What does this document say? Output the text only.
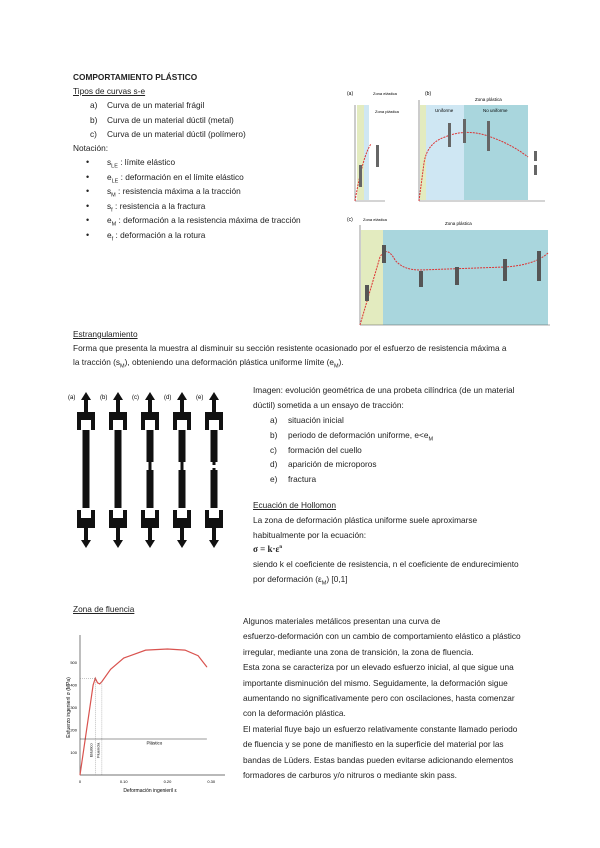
COMPORTAMIENTO PLÁSTICO
Tipos de curvas s-e
Notación:
(a)	Zona elástica
Zona plástica
(b)
Zona plástica
Uniforme	No uniforme
(c)	Zona elástica
Zona plástica
Estrangulamiento
Forma que presenta la muestra al disminuir su sección resistente ocasionado por el esfuerzo de resistencia máxima a
la tracción $(s_M)$, obteniendo una deformación plástica uniforme límite $(e_M)$.
(a)	(b)	(c)	(d)	(e)
Imagen: evolución geométrica de una probeta cilíndrica (de un material
dúctil) sometida a un ensayo de tracción:
Ecuación de Hollomon
La zona de deformación plástica uniforme suele aproximarse
habitualmente por la ecuación:
$\sigma = k\cdot\varepsilon^n$
siendo k el coeficiente de resistencia, n el coeficiente de endurecimiento
por deformación $(\varepsilon_M)$ [0,1]
Zona de fluencia
100
200
300
400
500
0	0.10	0.20	0.30
Deformación ingenieril ε
Esfuerzo ingenieril σ (MPa)
Elástico Fluencia	Plástico
a) Curva de un material frágil
b) Curva de un material dúctil (metal)
c) Curva de un material dúctil (polímero)
• $s_{LE}$ : límite elástico
• $e_{LE}$ : deformación en el límite elástico
• $s_M$ : resistencia máxima a la tracción
• $s_f$ : resistencia a la fractura
• $e_M$ : deformación a la resistencia máxima de tracción
• $e_f$ : deformación a la rotura
a) situación inicial
b) periodo de deformación uniforme, $e<e_M$
c) formación del cuello
d) aparición de microporos
e) fractura
Algunos materiales metálicos presentan una curva de
esfuerzo-deformación con un cambio de comportamiento elástico a plástico
irregular, mediante una zona de transición, la zona de fluencia.
Esta zona se caracteriza por un elevado esfuerzo inicial, al que sigue una
importante disminución del mismo. Seguidamente, la deformación sigue
aumentando no significativamente pero con oscilaciones, hasta comenzar
con la deformación plástica.
El material fluye bajo un esfuerzo relativamente constante llamado periodo
de fluencia y se pone de manifiesto en la superficie del material por las
bandas de Lüders. Estas bandas pueden evitarse adicionando elementos
formadores de carburos y/o nitruros o mediante skin pass.
